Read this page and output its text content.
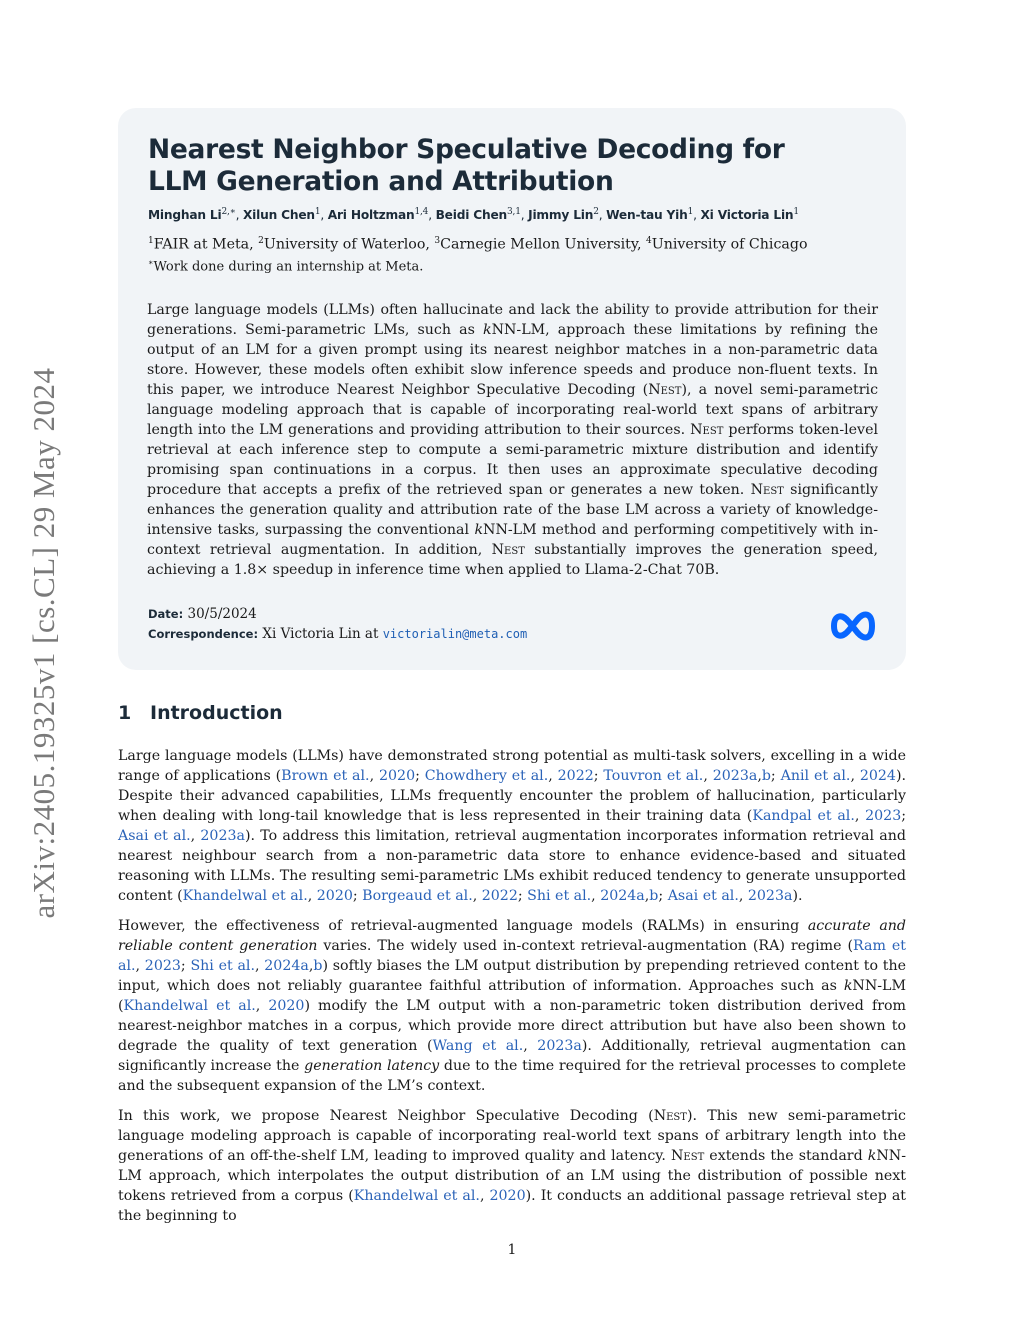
arXiv:2405.19325v1 [cs.CL] 29 May 2024
Nearest Neighbor Speculative Decoding for
LLM Generation and Attribution
Minghan $Li^{2,∗}$, Xilun Chen$^1$, Ari Holtzman$^{1,4}$, Beidi Chen$^{3,1}$, Jimmy Lin$^2$, Wen-tau Yih$^1$, Xi Victoria Lin$^1$
$^1$FAIR at Meta, $^2$University of Waterloo, $^3$Carnegie Mellon University, $^4$University of Chicago
∗Work done during an internship at Meta.

Large language models (LLMs) often hallucinate and lack the ability to provide attribution for their generations. Semi-parametric LMs, such as kNN-LM, approach these limitations by refining the output of an LM for a given prompt using its nearest neighbor matches in a non-parametric data store. However, these models often exhibit slow inference speeds and produce non-fluent texts. In this paper, we introduce Nearest Neighbor Speculative Decoding (Nest), a novel semi-parametric language modeling approach that is capable of incorporating real-world text spans of arbitrary length into the LM generations and providing attribution to their sources. Nest performs token-level retrieval at each inference step to compute a semi-parametric mixture distribution and identify promising span continuations in a corpus. It then uses an approximate speculative decoding procedure that accepts a prefix of the retrieved span or generates a new token. Nest significantly enhances the generation quality and attribution rate of the base LM across a variety of knowledge-intensive tasks, surpassing the conventional kNN-LM method and performing competitively with in-context retrieval augmentation. In addition, Nest substantially improves the generation speed, achieving a 1.8× speedup in inference time when applied to Llama-2-Chat 70B.

Date: 30/5/2024
Correspondence: Xi Victoria Lin at victorialin@meta.com
1 Introduction

Large language models (LLMs) have demonstrated strong potential as multi-task solvers, excelling in a wide range of applications (Brown et al., 2020; Chowdhery et al., 2022; Touvron et al., 2023a,b; Anil et al., 2024). Despite their advanced capabilities, LLMs frequently encounter the problem of hallucination, particularly when dealing with long-tail knowledge that is less represented in their training data (Kandpal et al., 2023; Asai et al., 2023a). To address this limitation, retrieval augmentation incorporates information retrieval and nearest neighbour search from a non-parametric data store to enhance evidence-based and situated reasoning with LLMs. The resulting semi-parametric LMs exhibit reduced tendency to generate unsupported content (Khandelwal et al., 2020; Borgeaud et al., 2022; Shi et al., 2024a,b; Asai et al., 2023a).

However, the effectiveness of retrieval-augmented language models (RALMs) in ensuring accurate and reliable content generation varies. The widely used in-context retrieval-augmentation (RA) regime (Ram et al., 2023; Shi et al., 2024a,b) softly biases the LM output distribution by prepending retrieved content to the input, which does not reliably guarantee faithful attribution of information. Approaches such as kNN-LM (Khandelwal et al., 2020) modify the LM output with a non-parametric token distribution derived from nearest-neighbor matches in a corpus, which provide more direct attribution but have also been shown to degrade the quality of text generation (Wang et al., 2023a). Additionally, retrieval augmentation can significantly increase the generation latency due to the time required for the retrieval processes to complete and the subsequent expansion of the LM’s context.

In this work, we propose Nearest Neighbor Speculative Decoding (Nest). This new semi-parametric language modeling approach is capable of incorporating real-world text spans of arbitrary length into the generations of an off-the-shelf LM, leading to improved quality and latency. Nest extends the standard kNN-LM approach, which interpolates the output distribution of an LM using the distribution of possible next tokens retrieved from a corpus (Khandelwal et al., 2020). It conducts an additional passage retrieval step at the beginning to

1
